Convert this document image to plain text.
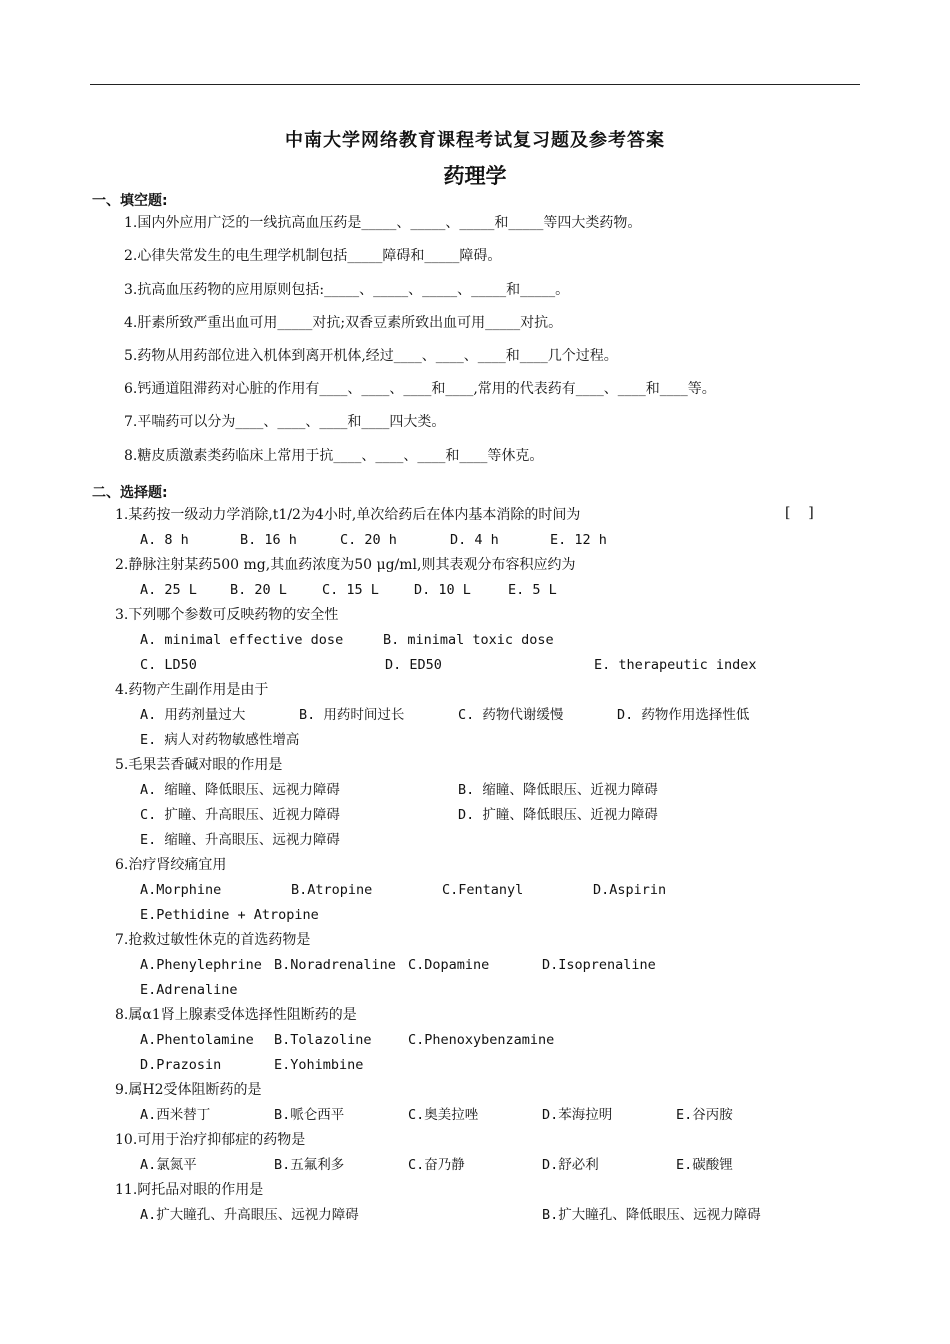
中南大学网络教育课程考试复习题及参考答案
药理学
一、填空题:
1.国内外应用广泛的一线抗高血压药是_____、_____、_____和_____等四大类药物。
2.心律失常发生的电生理学机制包括_____障碍和_____障碍。
3.抗高血压药物的应用原则包括:_____、_____、_____、_____和_____。
4.肝素所致严重出血可用_____对抗;双香豆素所致出血可用_____对抗。
5.药物从用药部位进入机体到离开机体,经过____、____、____和____几个过程。
6.钙通道阻滞药对心脏的作用有____、____、____和____,常用的代表药有____、____和____等。
7.平喘药可以分为____、____、____和____四大类。
8.糖皮质激素类药临床上常用于抗____、____、____和____等休克。
二、选择题:
1.某药按一级动力学消除,t1/2为4小时,单次给药后在体内基本消除的时间为	[    ]
A. 8 h	B. 16 h	C. 20 h	D. 4 h	E. 12 h
2.静脉注射某药500 mg,其血药浓度为50 μg/ml,则其表观分布容积应约为
A. 25 L B. 20 L	C. 15 L	D. 10 L	E. 5 L
3.下列哪个参数可反映药物的安全性
A. minimal effective dose	B. minimal toxic dose
C. LD50	D. ED50	E. therapeutic index
4.药物产生副作用是由于
A. 用药剂量过大	B. 用药时间过长	C. 药物代谢缓慢	D. 药物作用选择性低
E. 病人对药物敏感性增高
5.毛果芸香碱对眼的作用是
A. 缩瞳、降低眼压、远视力障碍	B. 缩瞳、降低眼压、近视力障碍
C. 扩瞳、升高眼压、近视力障碍	D. 扩瞳、降低眼压、近视力障碍
E. 缩瞳、升高眼压、远视力障碍
6.治疗肾绞痛宜用
A.Morphine	B.Atropine	C.Fentanyl	D.Aspirin
E.Pethidine + Atropine
7.抢救过敏性休克的首选药物是
A.Phenylephrine B.Noradrenaline C.Dopamine	D.Isoprenaline
E.Adrenaline
8.属α1肾上腺素受体选择性阻断药的是
A.Phentolamine B.Tolazoline	C.Phenoxybenzamine
D.Prazosin	E.Yohimbine
9.属H2受体阻断药的是
A.西米替丁	B.哌仑西平	C.奥美拉唑	D.苯海拉明	E.谷丙胺
10.可用于治疗抑郁症的药物是
A.氯氮平	B.五氟利多	C.奋乃静	D.舒必利	E.碳酸锂
11.阿托品对眼的作用是
A.扩大瞳孔、升高眼压、远视力障碍	B.扩大瞳孔、降低眼压、远视力障碍
